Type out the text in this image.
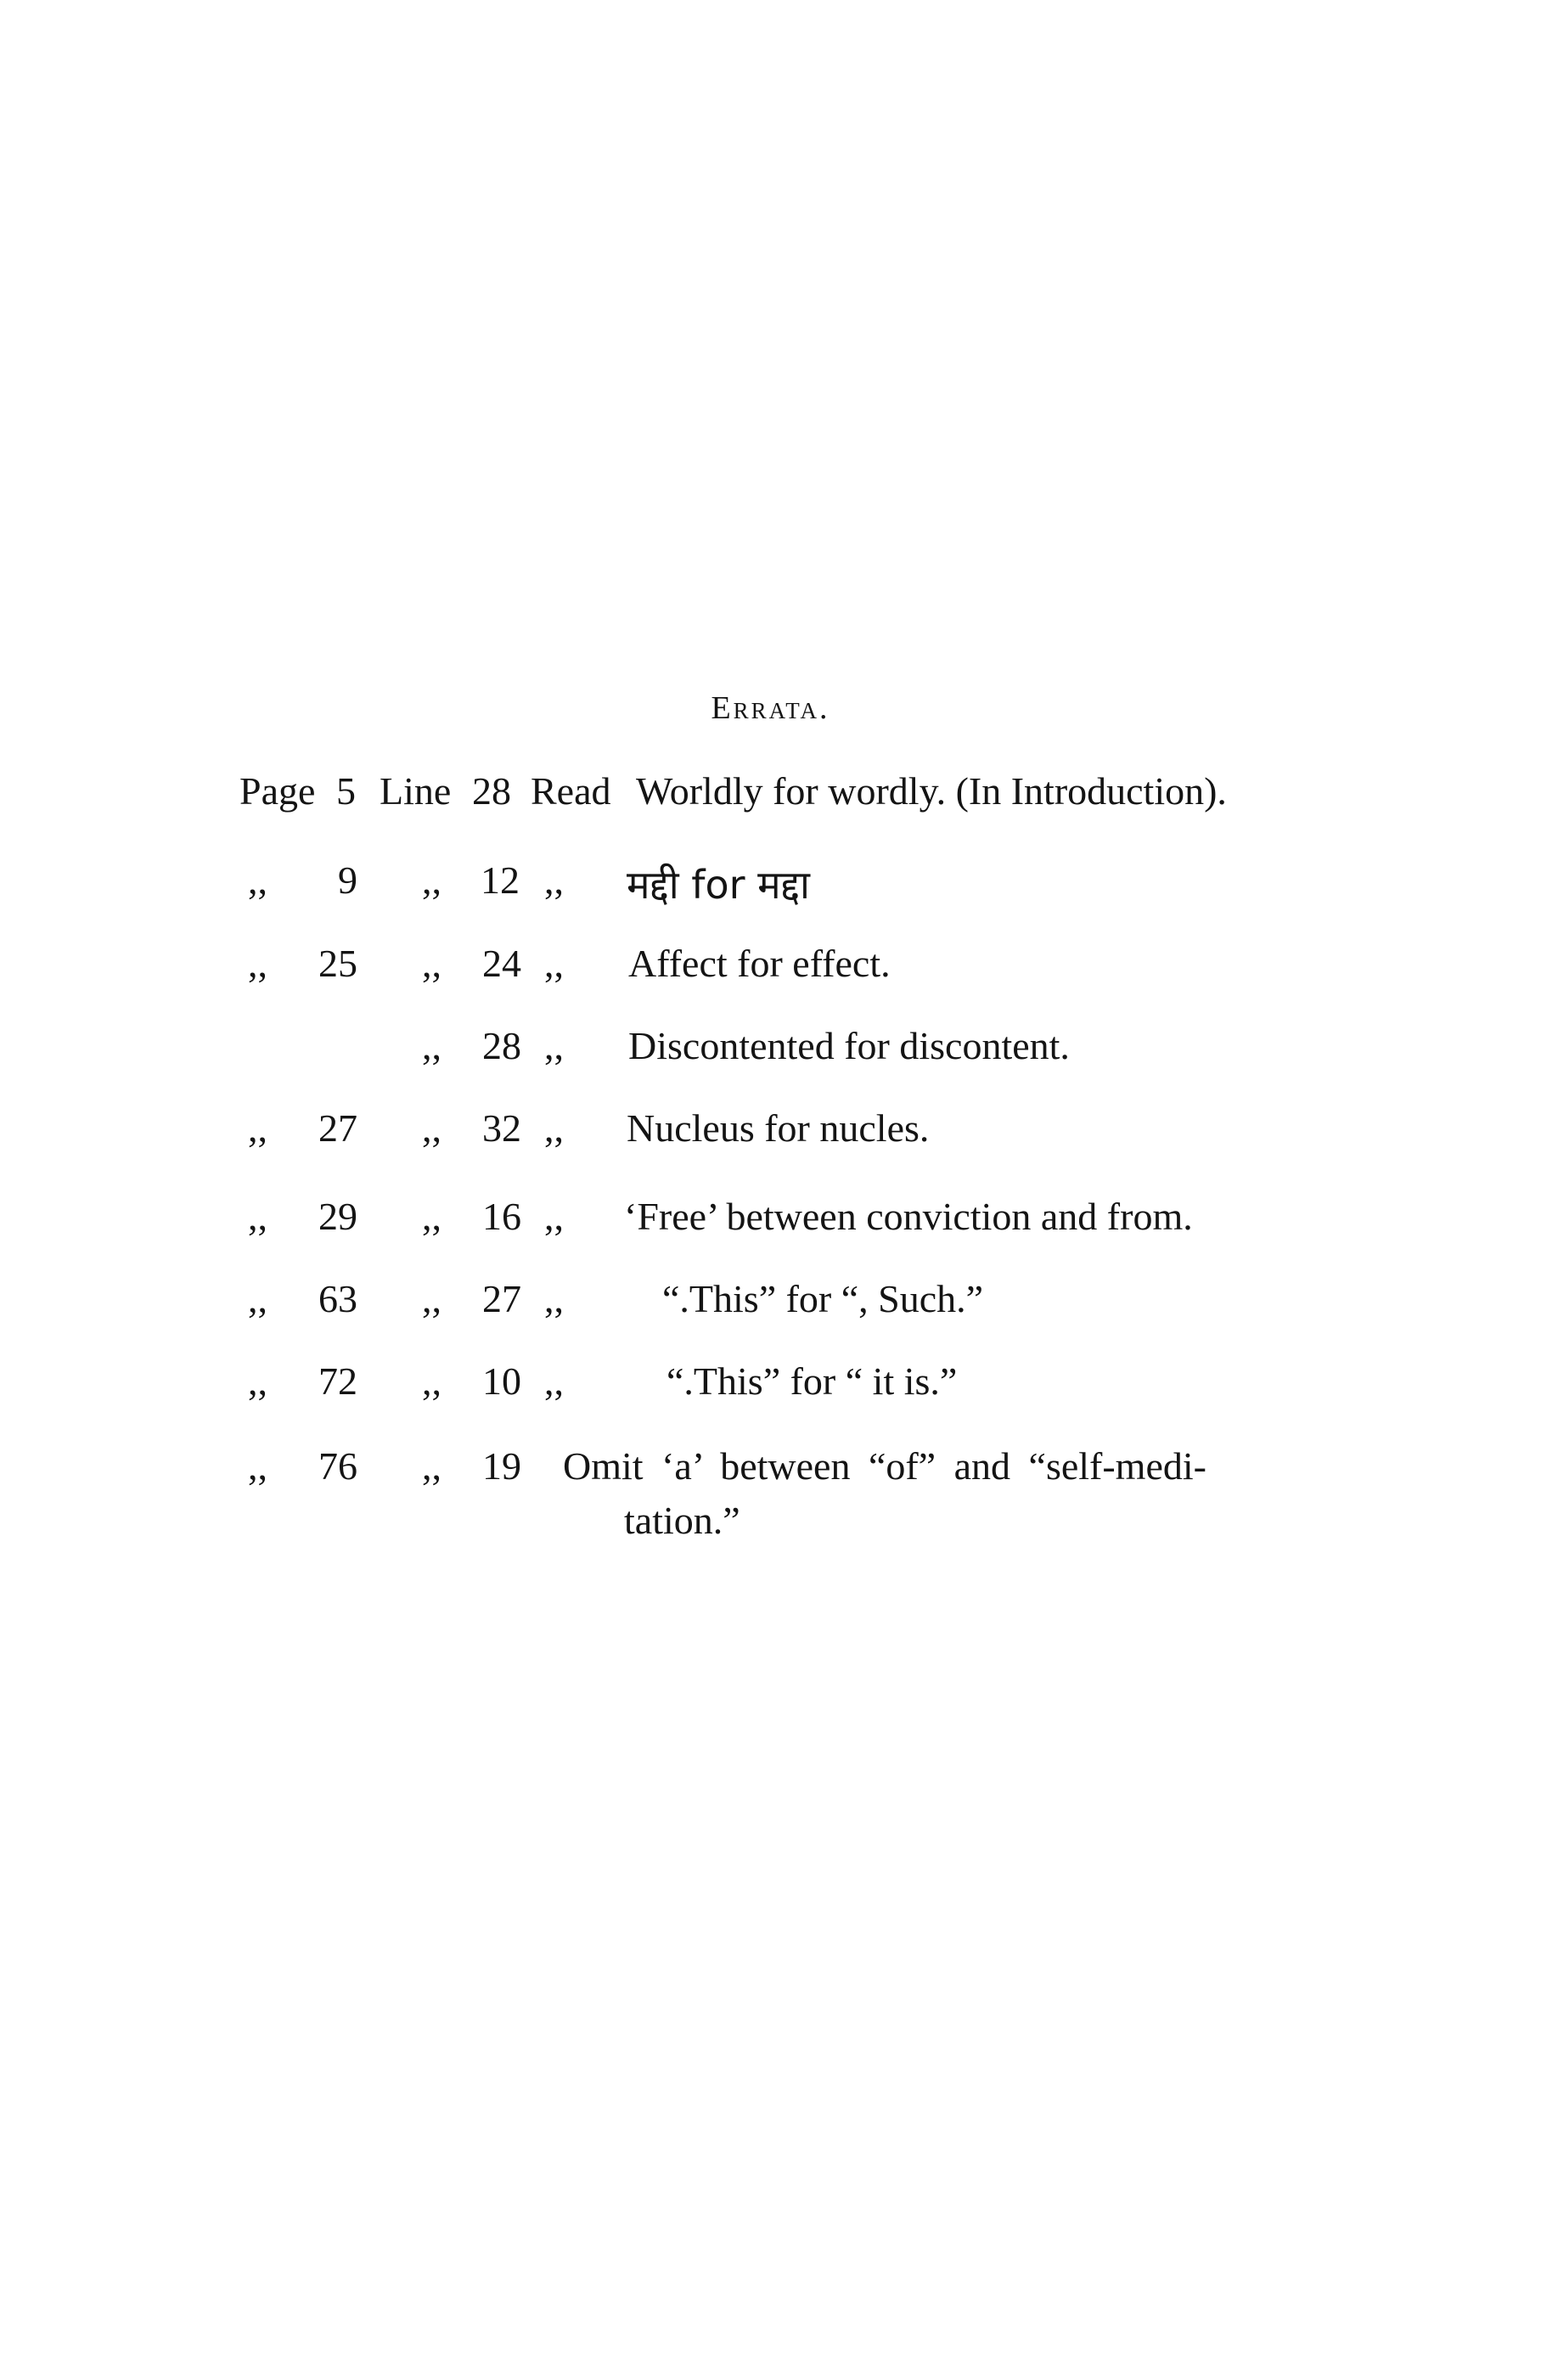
Errata.
Page 5 Line 28 Read Worldly for wordly. (In Introduction).
,, 9 ,, 12 ,, मद्दी for मद्दा
,, 25 ,, 24 ,, Affect for effect.
,, 28 ,, Discontented for discontent.
,, 27 ,, 32 ,, Nucleus for nucles.
,, 29 ,, 16 ,, ‘Free’ between conviction and from.
,, 63 ,, 27 ,,	“.This” for “, Such.”
,, 72 ,, 10 ,,	“.This” for “ it is.”
,, 76 ,, 19 Omit ‘a’ between “of” and “self-medi-
tation.”
